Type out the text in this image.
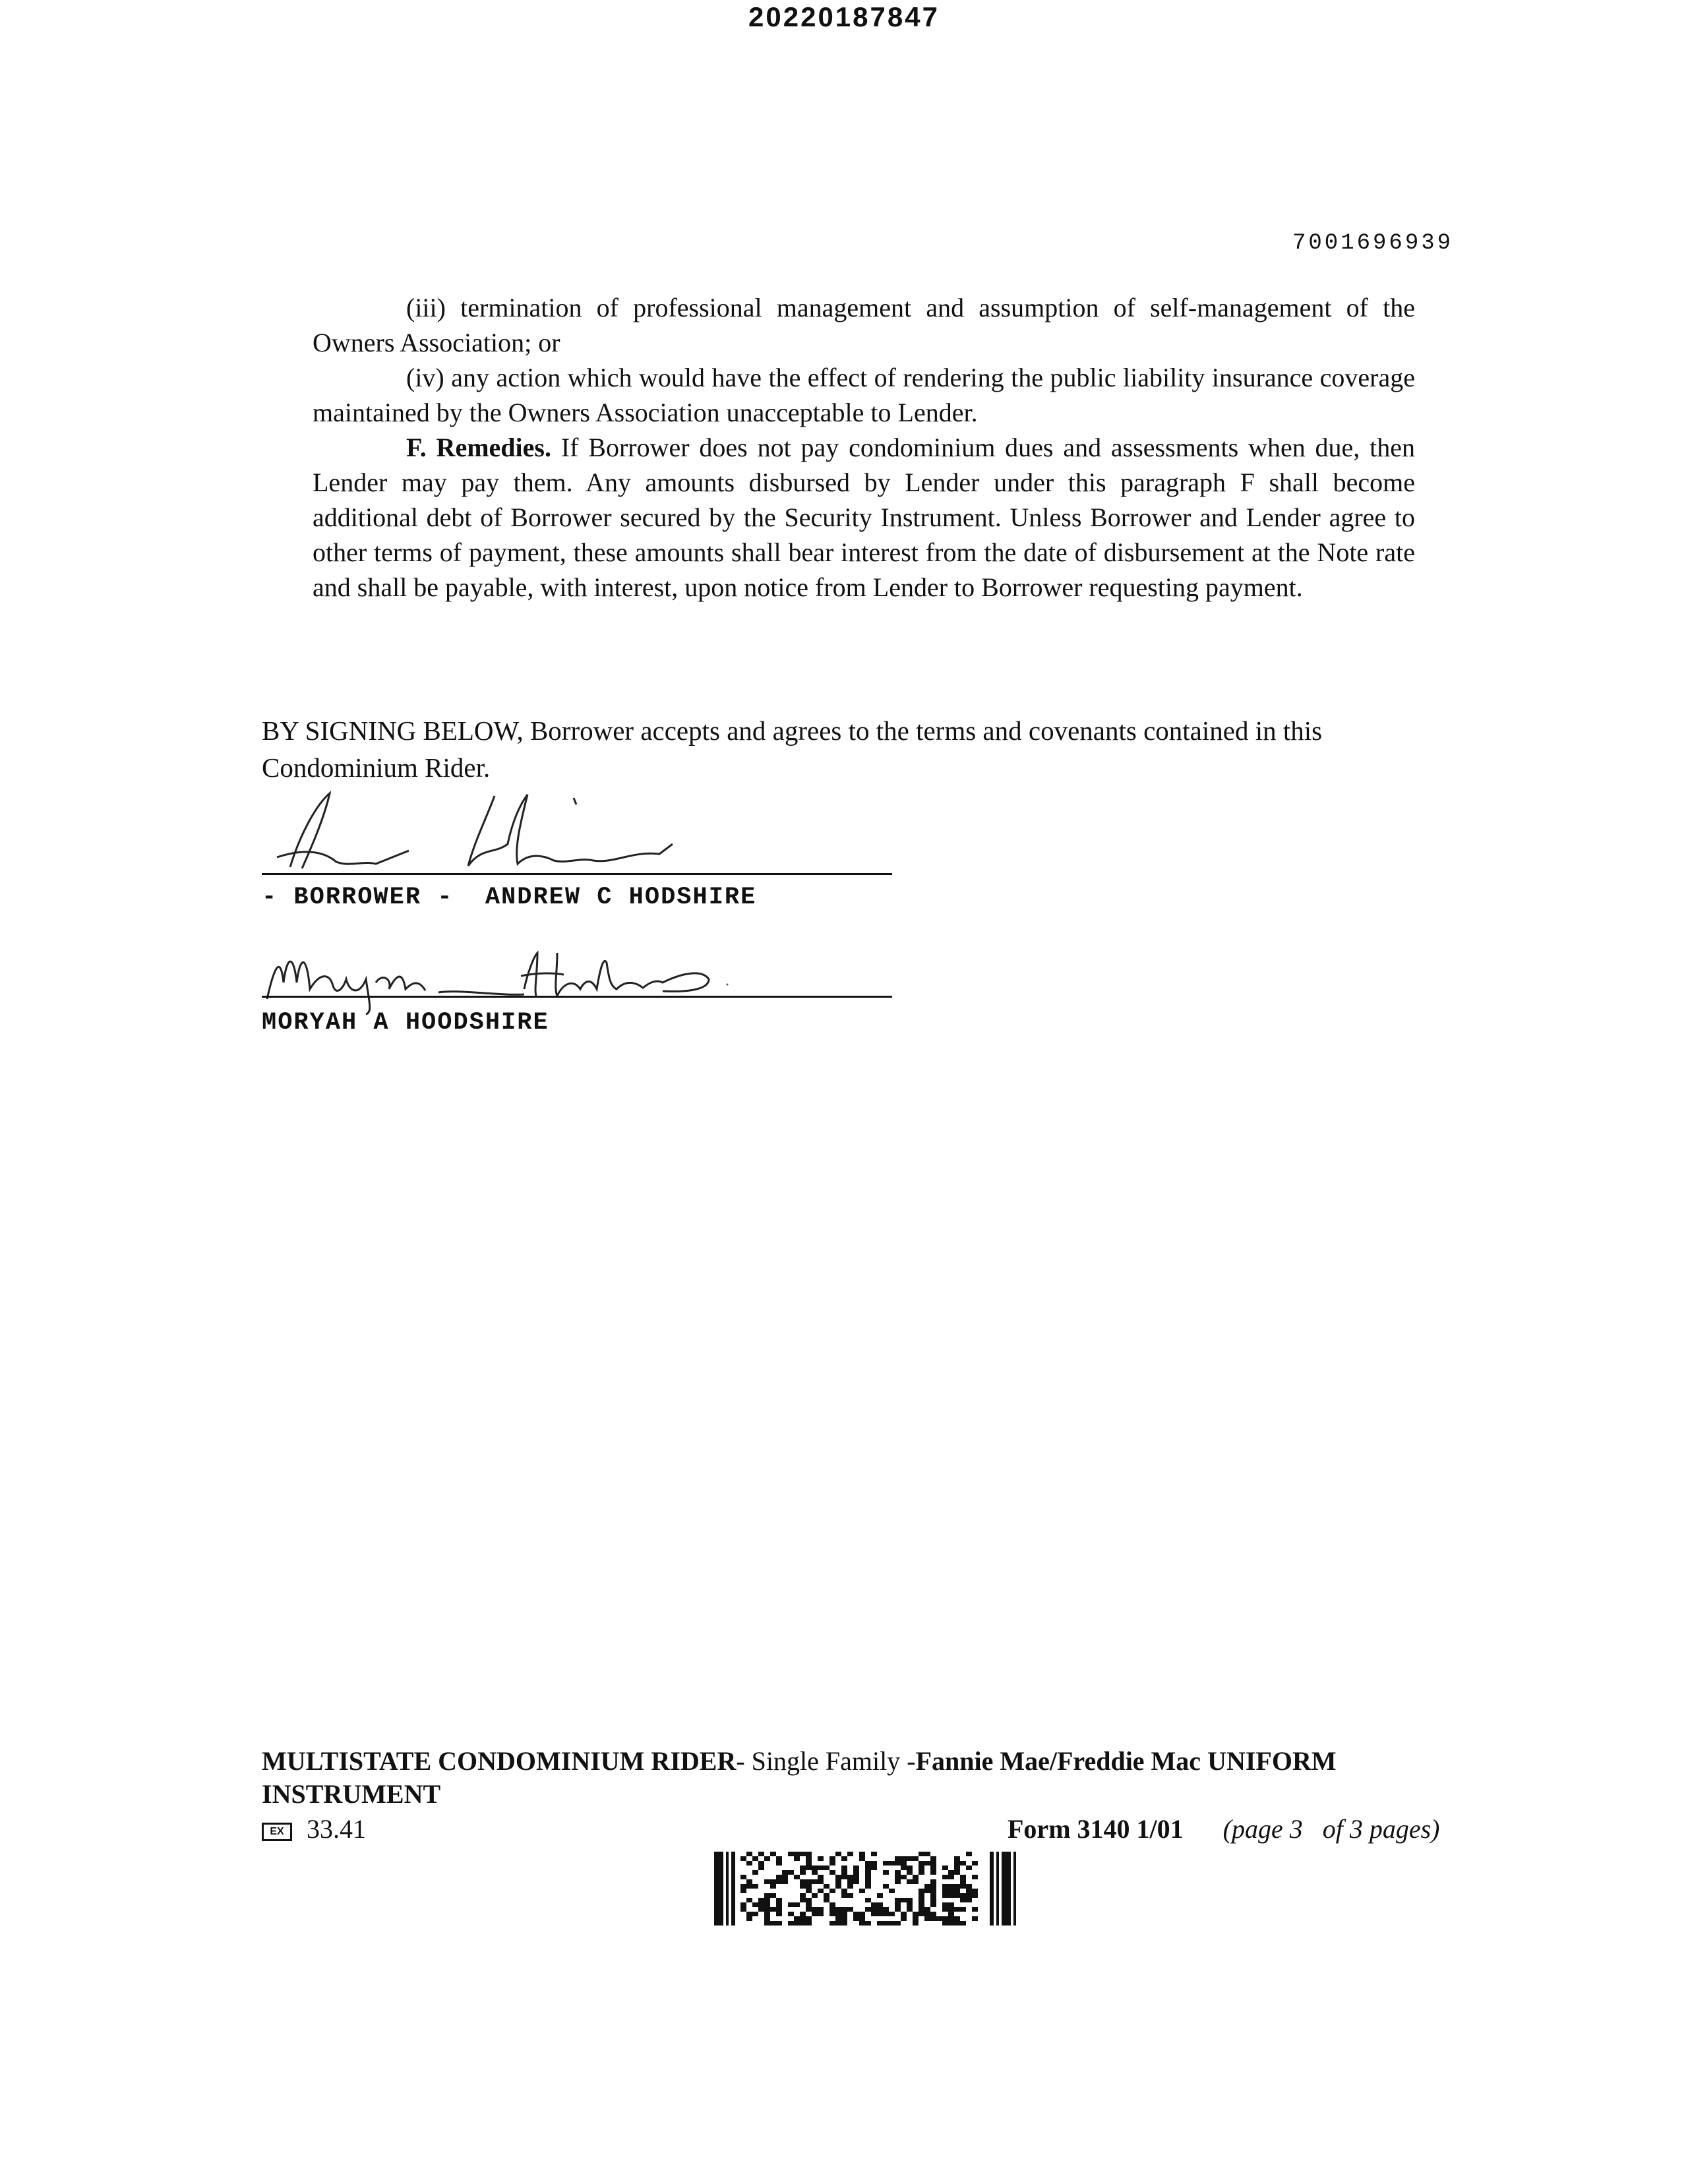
20220187847
7001696939

(iii) termination of professional management and assumption of self-management of the Owners Association; or

(iv) any action which would have the effect of rendering the public liability insurance coverage maintained by the Owners Association unacceptable to Lender.

F. Remedies. If Borrower does not pay condominium dues and assessments when due, then Lender may pay them. Any amounts disbursed by Lender under this paragraph F shall become additional debt of Borrower secured by the Security Instrument. Unless Borrower and Lender agree to other terms of payment, these amounts shall bear interest from the date of disbursement at the Note rate and shall be payable, with interest, upon notice from Lender to Borrower requesting payment.

BY SIGNING BELOW, Borrower accepts and agrees to the terms and covenants contained in this Condominium Rider.
- BORROWER -  ANDREW C HODSHIRE
MORYAH A HOODSHIRE
MULTISTATE CONDOMINIUM RIDER- Single Family -Fannie Mae/Freddie Mac UNIFORM INSTRUMENT
EX 33.41	Form 3140 1/01 (page 3   of 3 pages)
